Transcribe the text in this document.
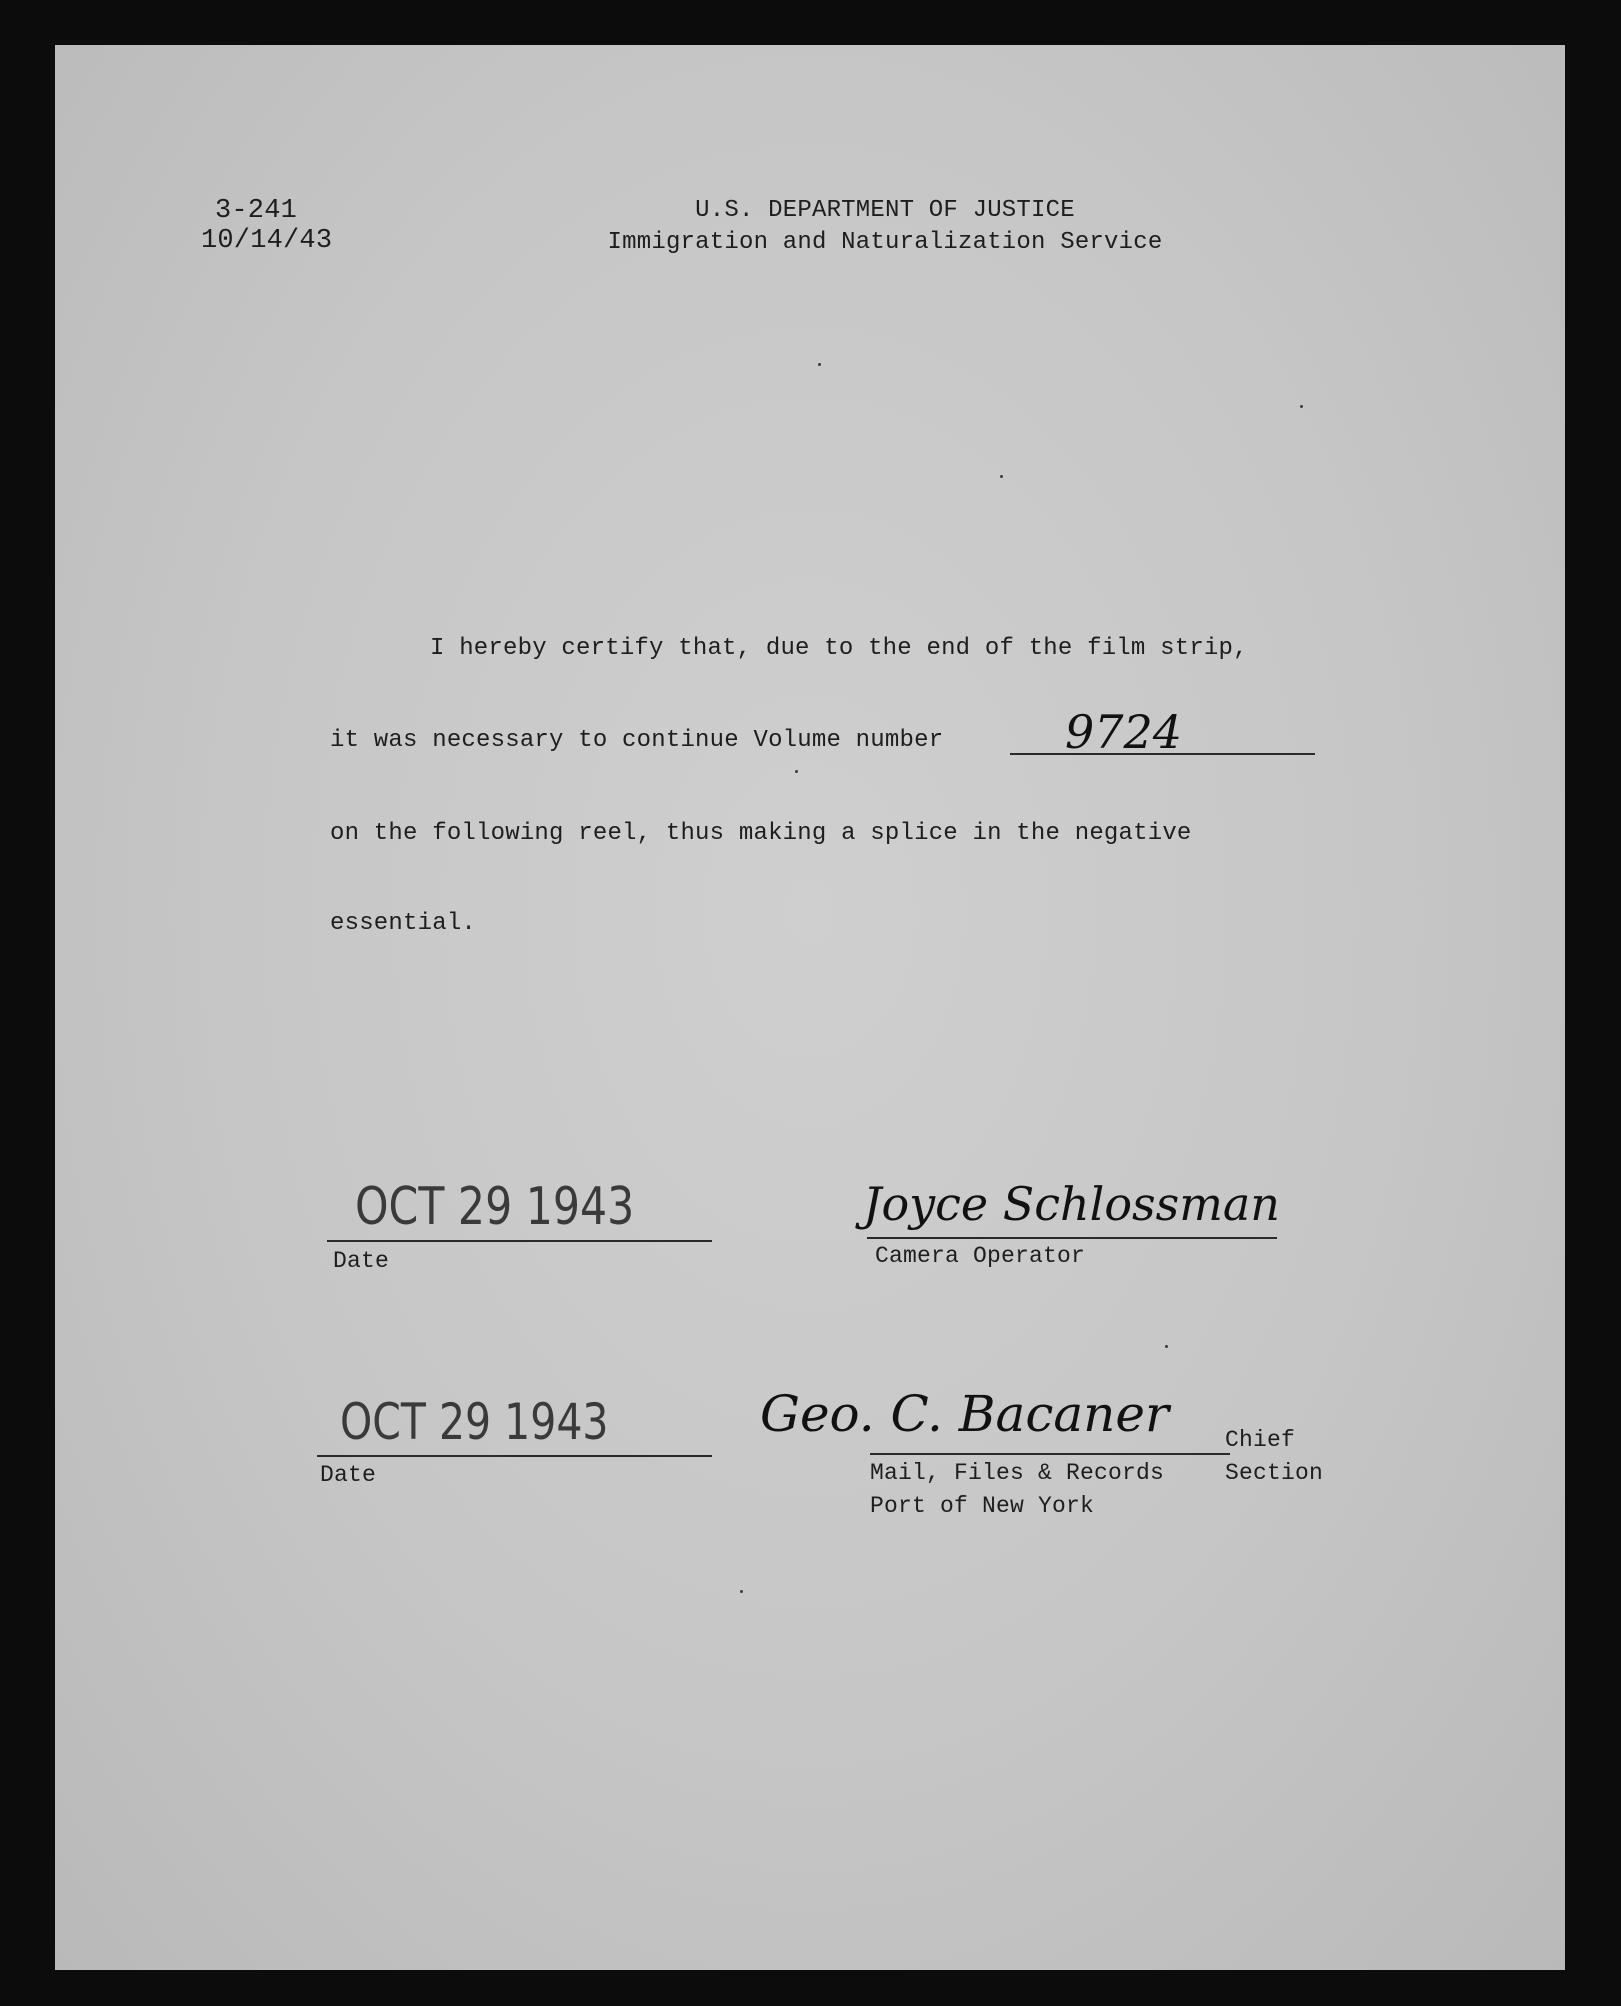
3-241
10/14/43
U.S. DEPARTMENT OF JUSTICE
Immigration and Naturalization Service
I hereby certify that, due to the end of the film strip,
it was necessary to continue Volume number	9724
on the following reel, thus making a splice in the negative
essential.
OCT 29 1943
Date
Joyce Schlossman
Camera Operator
OCT 29 1943
Date
Geo. C. Bacaner Chief
Mail, Files & Records	Section
Port of New York
